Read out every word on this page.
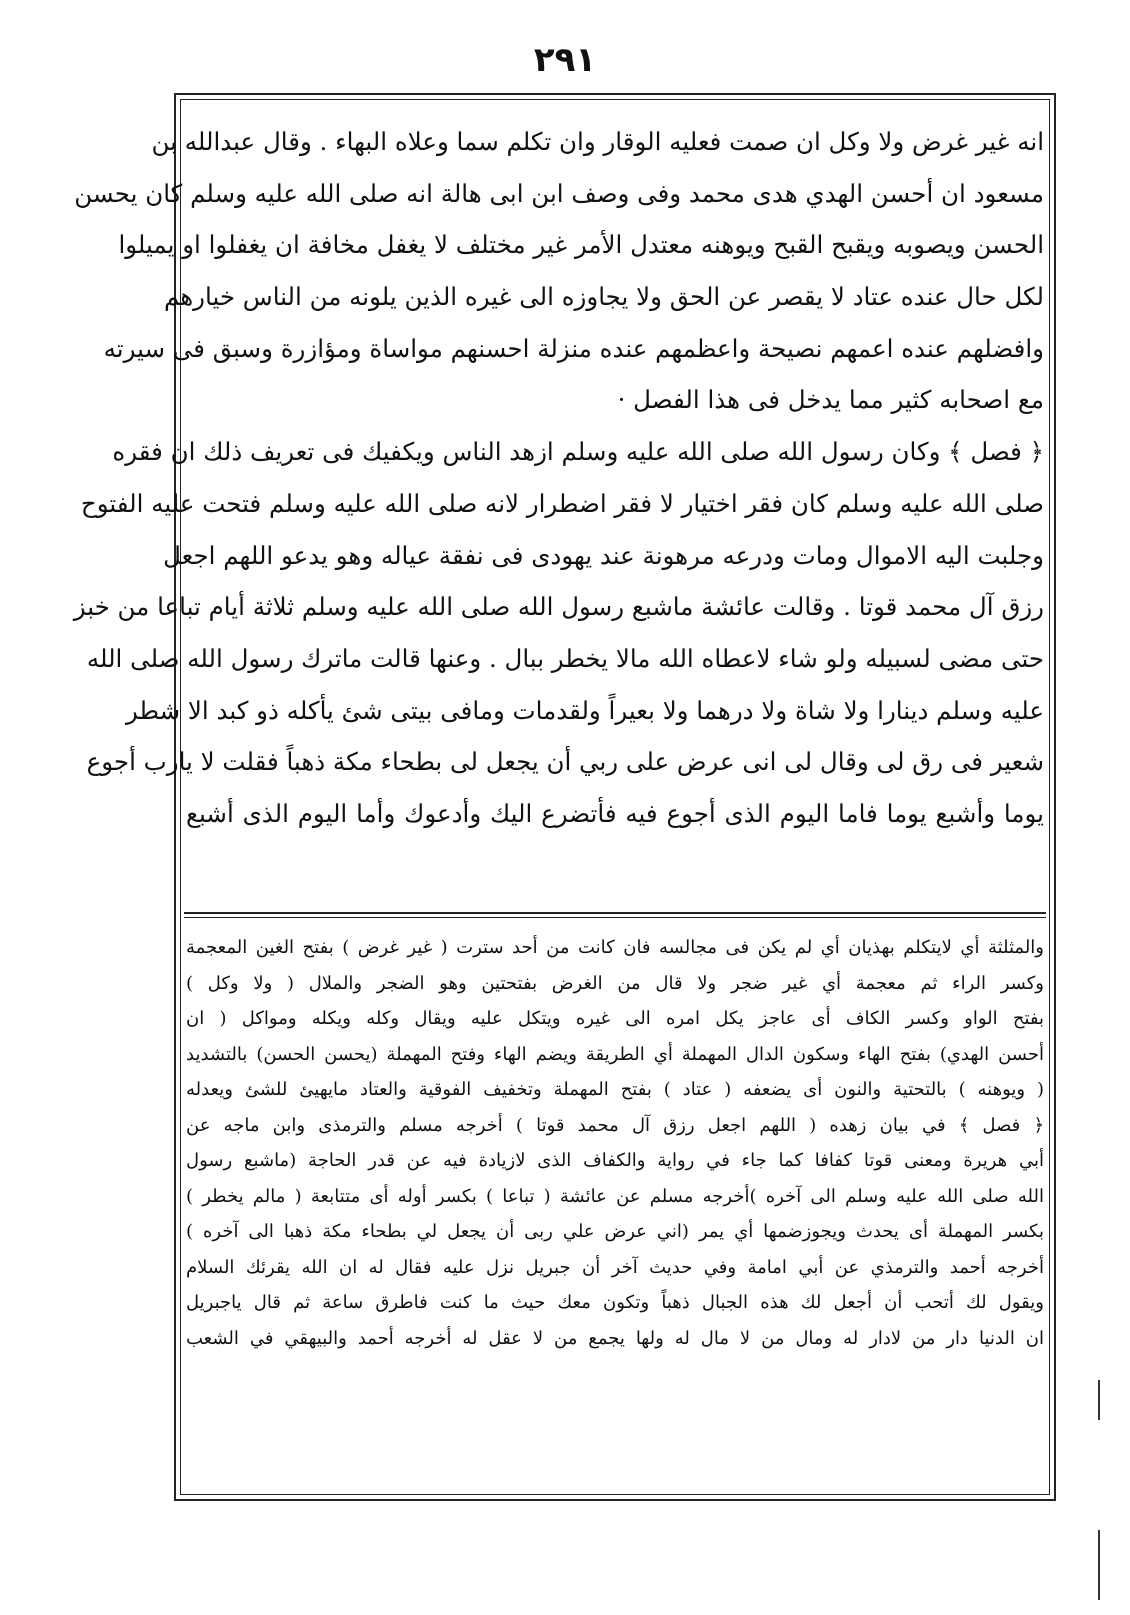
٢٩١
انه غير غرض ولا وكل ان صمت فعليه الوقار وان تكلم سما وعلاه البهاء . وقال عبدالله بن
مسعود ان أحسن الهدي هدى محمد وفى وصف ابن ابى هالة انه صلى الله عليه وسلم كان يحسن
الحسن ويصوبه ويقبح القبح ويوهنه معتدل الأمر غير مختلف لا يغفل مخافة ان يغفلوا او يميلوا
لكل حال عنده عتاد لا يقصر عن الحق ولا يجاوزه الى غيره الذين يلونه من الناس خيارهم
وافضلهم عنده اعمهم نصيحة واعظمهم عنده منزلة احسنهم مواساة ومؤازرة وسبق فى سيرته
مع اصحابه كثير مما يدخل فى هذا الفصل ·
﴿ فصل ﴾ وكان رسول الله صلى الله عليه وسلم ازهد الناس ويكفيك فى تعريف ذلك ان فقره
صلى الله عليه وسلم كان فقر اختيار لا فقر اضطرار لانه صلى الله عليه وسلم فتحت عليه الفتوح
وجلبت اليه الاموال ومات ودرعه مرهونة عند يهودى فى نفقة عياله وهو يدعو اللهم اجعل
رزق آل محمد قوتا . وقالت عائشة ماشبع رسول الله صلى الله عليه وسلم ثلاثة أيام تباعا من خبز
حتى مضى لسبيله ولو شاء لاعطاه الله مالا يخطر ببال . وعنها قالت ماترك رسول الله صلى الله
عليه وسلم دينارا ولا شاة ولا درهما ولا بعيراً ولقدمات ومافى بيتى شئ يأكله ذو كبد الا شطر
شعير فى رق لى وقال لى انى عرض على ربي أن يجعل لى بطحاء مكة ذهباً فقلت لا يارب أجوع
يوما وأشبع يوما فاما اليوم الذى أجوع فيه فأتضرع اليك وأدعوك وأما اليوم الذى أشبع
والمثلثة أي لايتكلم بهذيان أي لم يكن فى مجالسه فان كانت من أحد سترت ( غير غرض ) بفتح الغين المعجمة
وكسر الراء ثم معجمة أي غير ضجر ولا قال من الغرض بفتحتين وهو الضجر والملال ( ولا وكل )
بفتح الواو وكسر الكاف أى عاجز يكل امره الى غيره ويتكل عليه ويقال وكله ويكله ومواكل ( ان
أحسن الهدي) بفتح الهاء وسكون الدال المهملة أي الطريقة ويضم الهاء وفتح المهملة (يحسن الحسن) بالتشديد
( ويوهنه ) بالتحتية والنون أى يضعفه ( عتاد ) بفتح المهملة وتخفيف الفوقية والعتاد مايهيئ للشئ ويعدله
﴿ فصل ﴾ في بيان زهده ( اللهم اجعل رزق آل محمد قوتا ) أخرجه مسلم والترمذى وابن ماجه عن
أبي هريرة ومعنى قوتا كفافا كما جاء في رواية والكفاف الذى لازيادة فيه عن قدر الحاجة (ماشبع رسول
الله صلى الله عليه وسلم الى آخره )أخرجه مسلم عن عائشة ( تباعا ) بكسر أوله أى متتابعة ( مالم يخطر )
بكسر المهملة أى يحدث ويجوزضمها أي يمر (اني عرض علي ربى أن يجعل لي بطحاء مكة ذهبا الى آخره )
أخرجه أحمد والترمذي عن أبي امامة وفي حديث آخر أن جبريل نزل عليه فقال له ان الله يقرئك السلام
ويقول لك أتحب أن أجعل لك هذه الجبال ذهباً وتكون معك حيث ما كنت فاطرق ساعة ثم قال ياجبريل
ان الدنيا دار من لادار له ومال من لا مال له ولها يجمع من لا عقل له أخرجه أحمد والبيهقي في الشعب
